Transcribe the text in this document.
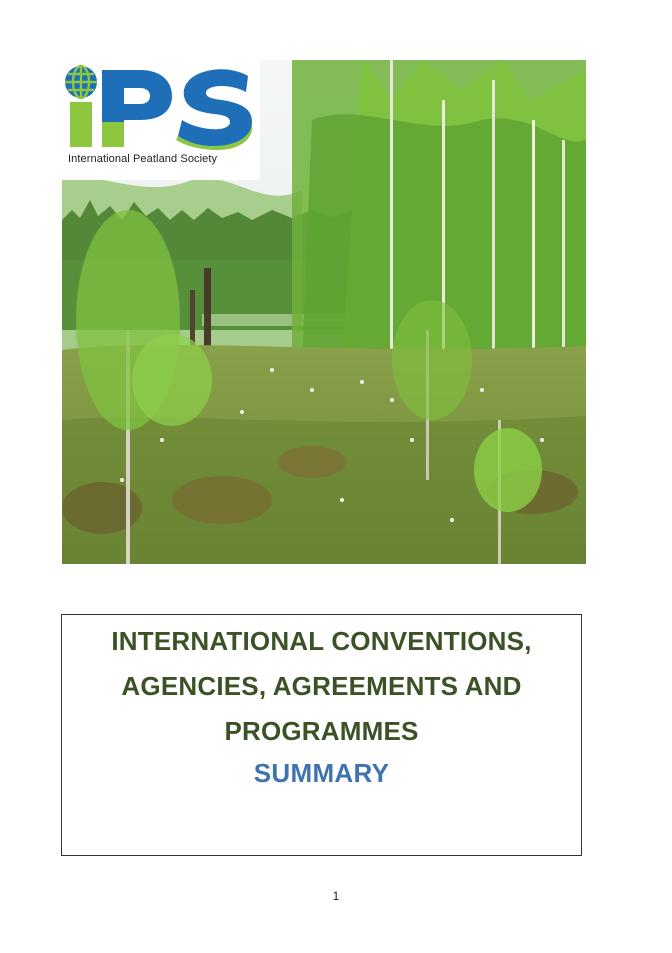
International Peatland Society
INTERNATIONAL CONVENTIONS,
AGENCIES, AGREEMENTS AND
PROGRAMMES
SUMMARY
1
